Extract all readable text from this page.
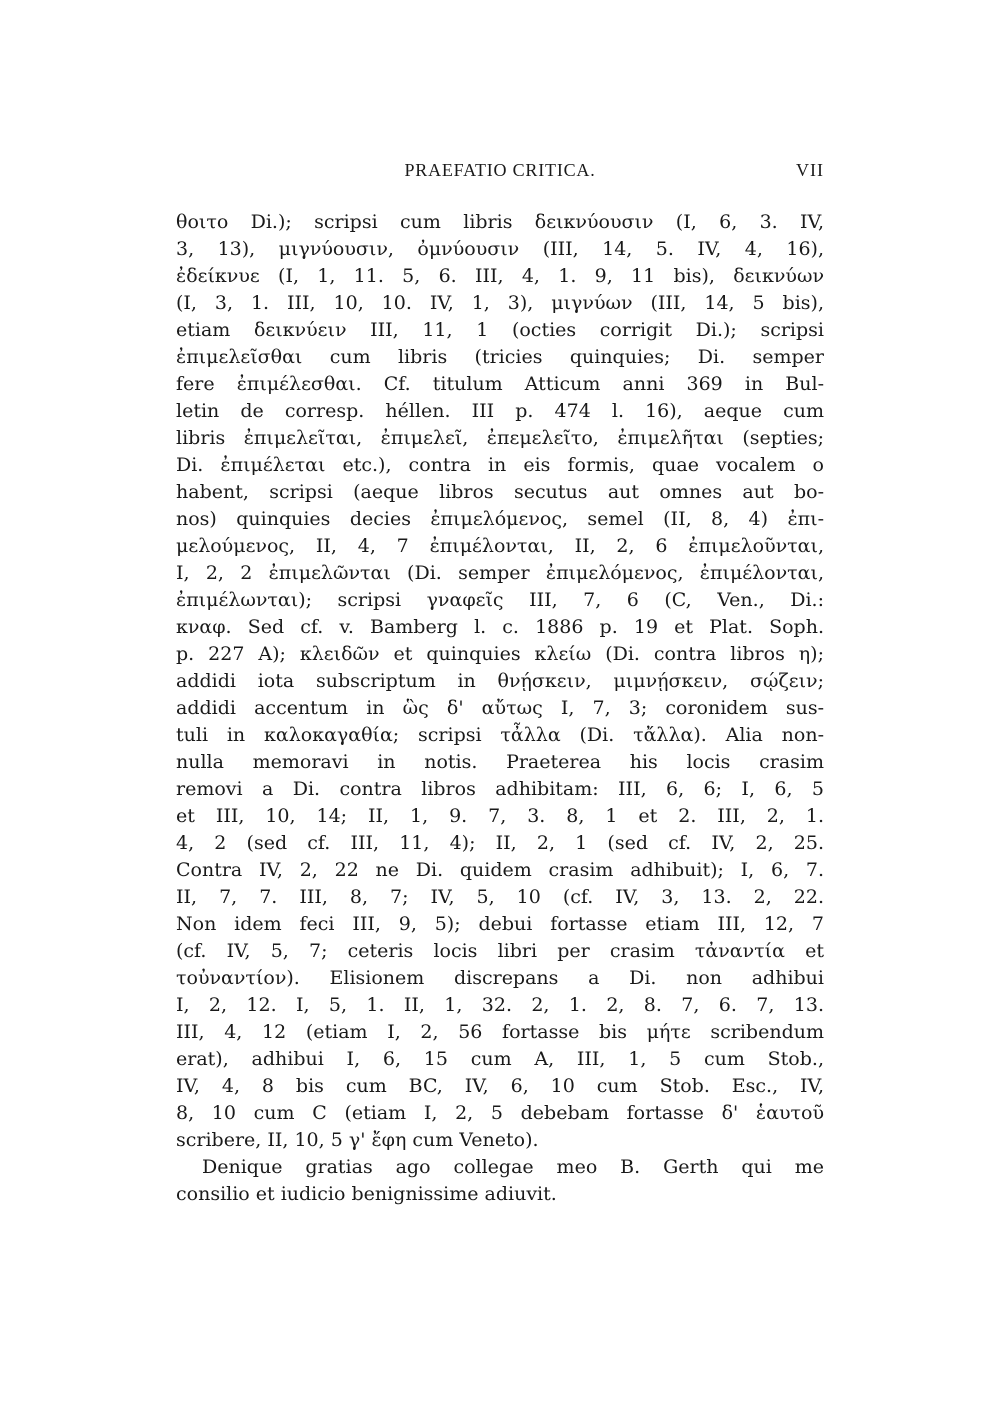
PRAEFATIO CRITICA.	VII
θοιτο Di.); scripsi cum libris δεικνύουσιν (I, 6, 3. IV,
3, 13), μιγνύουσιν, ὀμνύουσιν (III, 14, 5. IV, 4, 16),
ἐδείκνυε (I, 1, 11. 5, 6. III, 4, 1. 9, 11 bis), δεικνύων
(I, 3, 1. III, 10, 10. IV, 1, 3), μιγνύων (III, 14, 5 bis),
etiam δεικνύειν III, 11, 1 (octies corrigit Di.); scripsi
ἐπιμελεῖσθαι cum libris (tricies quinquies; Di. semper
fere ἐπιμέλεσθαι. Cf. titulum Atticum anni 369 in Bul-
letin de corresp. héllen. III p. 474 l. 16), aeque cum
libris ἐπιμελεῖται, ἐπιμελεῖ, ἐπεμελεῖτο, ἐπιμελῆται (septies;
Di. ἐπιμέλεται etc.), contra in eis formis, quae vocalem o
habent, scripsi (aeque libros secutus aut omnes aut bo-
nos) quinquies decies ἐπιμελόμενος, semel (II, 8, 4) ἐπι-
μελούμενος, II, 4, 7 ἐπιμέλονται, II, 2, 6 ἐπιμελοῦνται,
I, 2, 2 ἐπιμελῶνται (Di. semper ἐπιμελόμενος, ἐπιμέλονται,
ἐπιμέλωνται); scripsi γναφεῖς III, 7, 6 (C, Ven., Di.:
κναφ. Sed cf. v. Bamberg l. c. 1886 p. 19 et Plat. Soph.
p. 227 A); κλειδῶν et quinquies κλείω (Di. contra libros η);
addidi iota subscriptum in θνῄσκειν, μιμνῄσκειν, σῴζειν;
addidi accentum in ὣς δ' αὔτως I, 7, 3; coronidem sus-
tuli in καλοκαγαθία; scripsi τἆλλα (Di. τἄλλα). Alia non-
nulla memoravi in notis. Praeterea his locis crasim
removi a Di. contra libros adhibitam: III, 6, 6; I, 6, 5
et III, 10, 14; II, 1, 9. 7, 3. 8, 1 et 2. III, 2, 1.
4, 2 (sed cf. III, 11, 4); II, 2, 1 (sed cf. IV, 2, 25.
Contra IV, 2, 22 ne Di. quidem crasim adhibuit); I, 6, 7.
II, 7, 7. III, 8, 7; IV, 5, 10 (cf. IV, 3, 13. 2, 22.
Non idem feci III, 9, 5); debui fortasse etiam III, 12, 7
(cf. IV, 5, 7; ceteris locis libri per crasim τἀναντία et
τοὐναντίον). Elisionem discrepans a Di. non adhibui
I, 2, 12. I, 5, 1. II, 1, 32. 2, 1. 2, 8. 7, 6. 7, 13.
III, 4, 12 (etiam I, 2, 56 fortasse bis μήτε scribendum
erat), adhibui I, 6, 15 cum A, III, 1, 5 cum Stob.,
IV, 4, 8 bis cum BC, IV, 6, 10 cum Stob. Esc., IV,
8, 10 cum C (etiam I, 2, 5 debebam fortasse δ' ἑαυτοῦ
scribere, II, 10, 5 γ' ἔφη cum Veneto).
Denique gratias ago collegae meo B. Gerth qui me
consilio et iudicio benignissime adiuvit.
